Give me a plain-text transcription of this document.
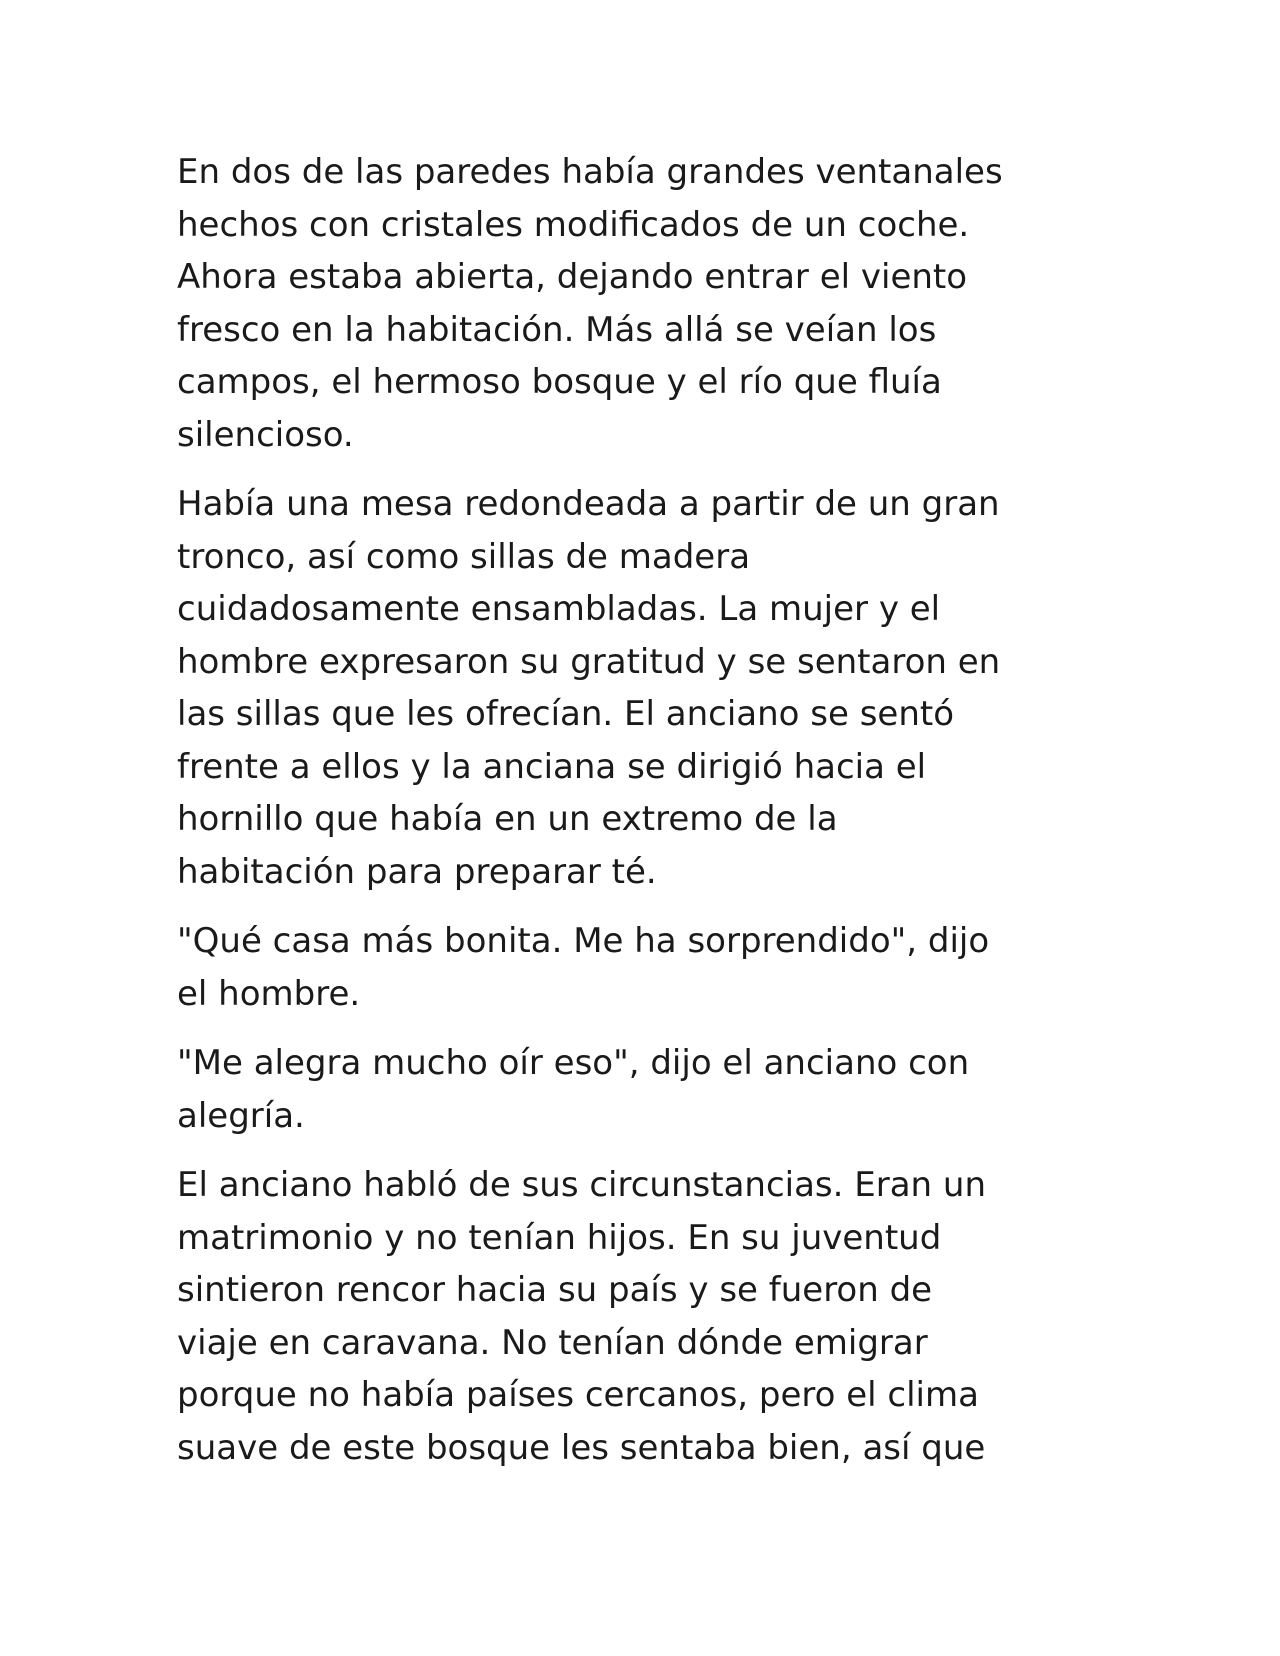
En dos de las paredes había grandes ventanales
hechos con cristales modificados de un coche.
Ahora estaba abierta, dejando entrar el viento
fresco en la habitación. Más allá se veían los
campos, el hermoso bosque y el río que fluía
silencioso.

Había una mesa redondeada a partir de un gran
tronco, así como sillas de madera
cuidadosamente ensambladas. La mujer y el
hombre expresaron su gratitud y se sentaron en
las sillas que les ofrecían. El anciano se sentó
frente a ellos y la anciana se dirigió hacia el
hornillo que había en un extremo de la
habitación para preparar té.

"Qué casa más bonita. Me ha sorprendido", dijo
el hombre.

"Me alegra mucho oír eso", dijo el anciano con
alegría.

El anciano habló de sus circunstancias. Eran un
matrimonio y no tenían hijos. En su juventud
sintieron rencor hacia su país y se fueron de
viaje en caravana. No tenían dónde emigrar
porque no había países cercanos, pero el clima
suave de este bosque les sentaba bien, así que
